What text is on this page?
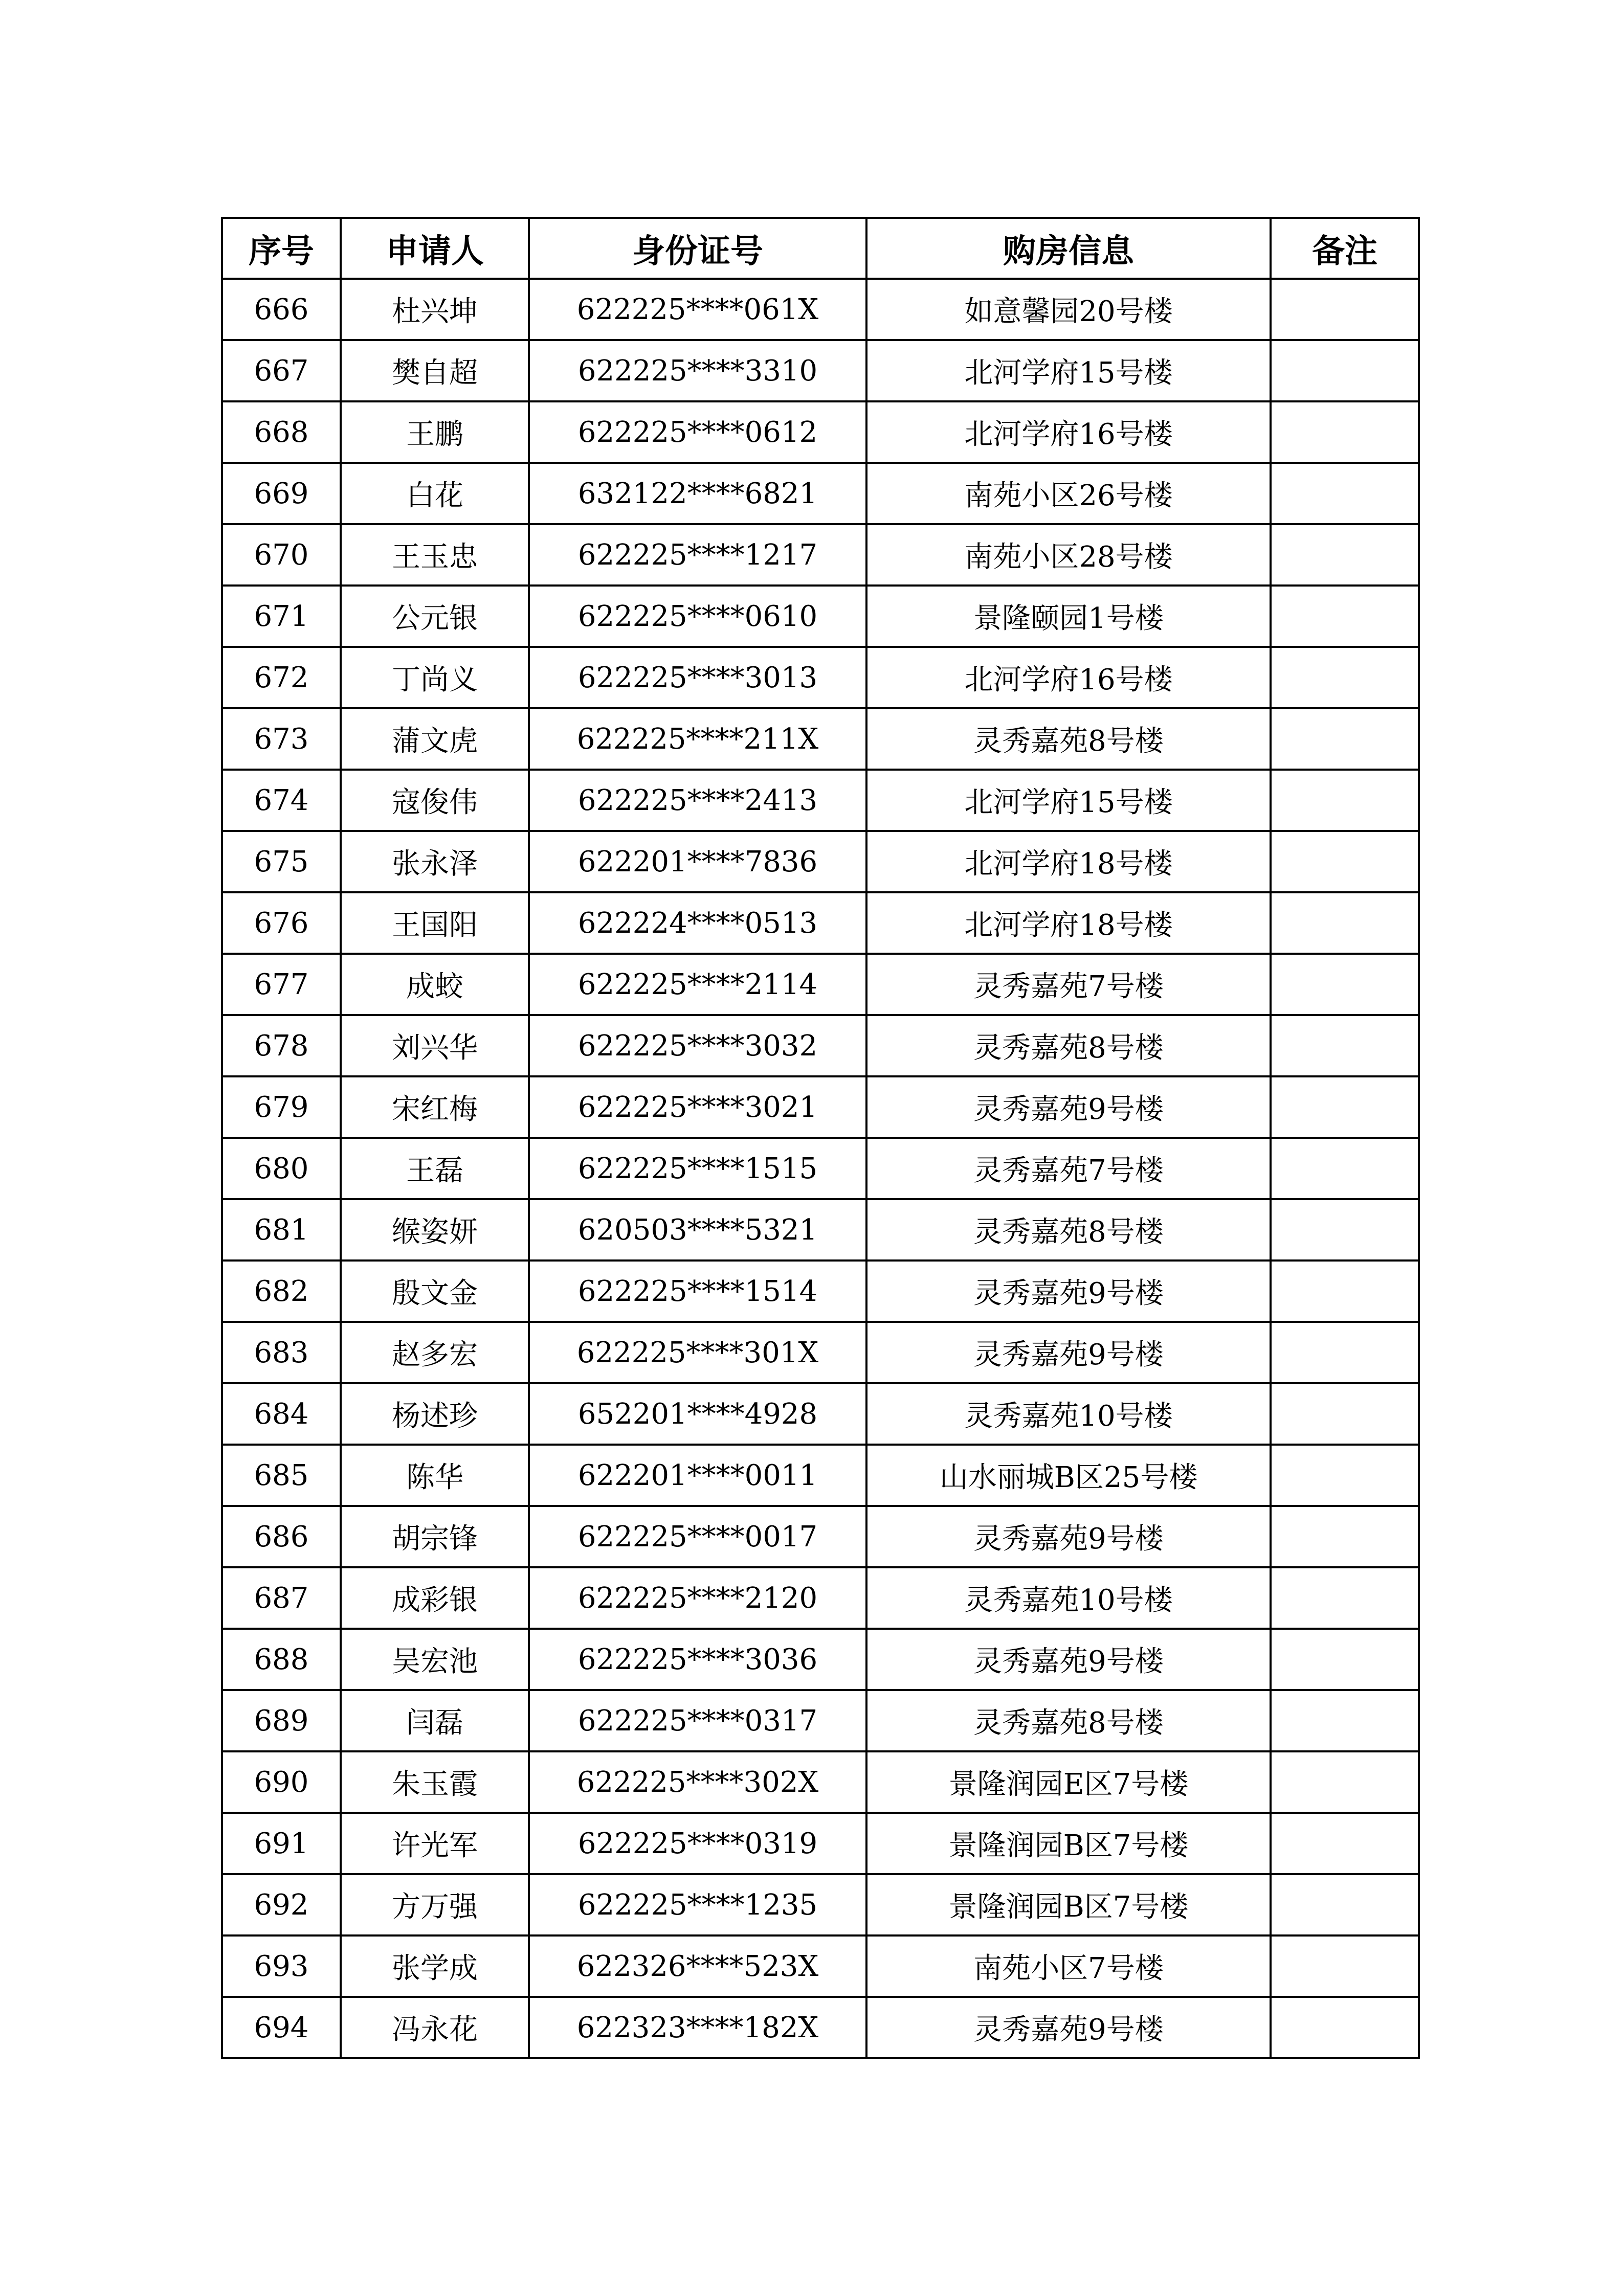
序号	申请人	身份证号	购房信息	备注
666	杜兴坤	622225****061X	如意馨园20号楼	
667	樊自超	622225****3310	北河学府15号楼	
668	王鹏	622225****0612	北河学府16号楼	
669	白花	632122****6821	南苑小区26号楼	
670	王玉忠	622225****1217	南苑小区28号楼	
671	公元银	622225****0610	景隆颐园1号楼	
672	丁尚义	622225****3013	北河学府16号楼	
673	蒲文虎	622225****211X	灵秀嘉苑8号楼	
674	寇俊伟	622225****2413	北河学府15号楼	
675	张永泽	622201****7836	北河学府18号楼	
676	王国阳	622224****0513	北河学府18号楼	
677	成蛟	622225****2114	灵秀嘉苑7号楼	
678	刘兴华	622225****3032	灵秀嘉苑8号楼	
679	宋红梅	622225****3021	灵秀嘉苑9号楼	
680	王磊	622225****1515	灵秀嘉苑7号楼	
681	缑姿妍	620503****5321	灵秀嘉苑8号楼	
682	殷文金	622225****1514	灵秀嘉苑9号楼	
683	赵多宏	622225****301X	灵秀嘉苑9号楼	
684	杨述珍	652201****4928	灵秀嘉苑10号楼	
685	陈华	622201****0011	山水丽城B区25号楼	
686	胡宗锋	622225****0017	灵秀嘉苑9号楼	
687	成彩银	622225****2120	灵秀嘉苑10号楼	
688	吴宏池	622225****3036	灵秀嘉苑9号楼	
689	闫磊	622225****0317	灵秀嘉苑8号楼	
690	朱玉霞	622225****302X	景隆润园E区7号楼	
691	许光军	622225****0319	景隆润园B区7号楼	
692	方万强	622225****1235	景隆润园B区7号楼	
693	张学成	622326****523X	南苑小区7号楼	
694	冯永花	622323****182X	灵秀嘉苑9号楼	
